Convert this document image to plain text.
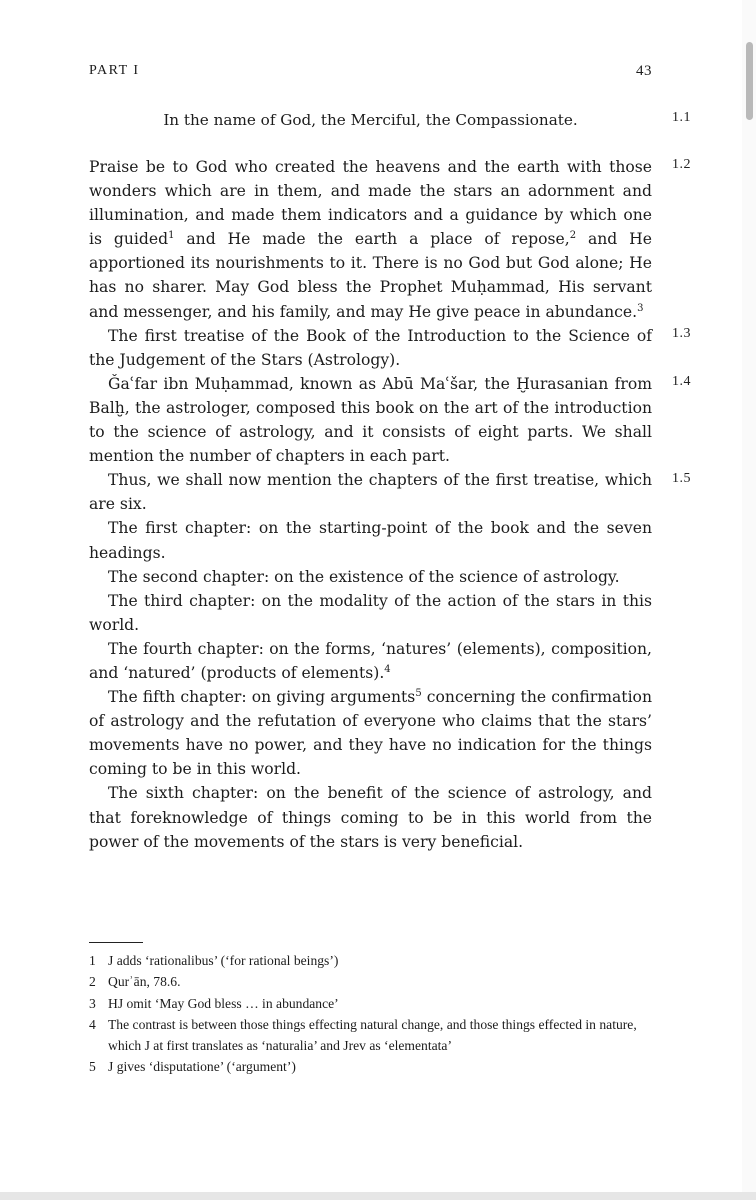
PART I	43
In the name of God, the Merciful, the Compassionate.	1.1
1.2
1.3
1.4
1.5

Praise be to God who created the heavens and the earth with those wonders which are in them, and made the stars an adornment and illumination, and made them indicators and a guidance by which one is guided$^1$ and He made the earth a place of repose,$^2$ and He apportioned its nourishments to it. There is no God but God alone; He has no sharer. May God bless the Prophet Muḥammad, His servant and messenger, and his family, and may He give peace in abundance.$^3$

The first treatise of the Book of the Introduction to the Science of the Judgement of the Stars (Astrology).

Ǧaʿfar ibn Muḥammad, known as Abū Maʿšar, the Ḫurasanian from Balḫ, the astrologer, composed this book on the art of the introduction to the science of astrology, and it consists of eight parts. We shall mention the number of chapters in each part.

Thus, we shall now mention the chapters of the first treatise, which are six.

The first chapter: on the starting-point of the book and the seven headings.

The second chapter: on the existence of the science of astrology.

The third chapter: on the modality of the action of the stars in this world.

The fourth chapter: on the forms, ‘natures’ (elements), composition, and ‘natured’ (products of elements).$^4$

The fifth chapter: on giving arguments$^5$ concerning the confirmation of astrology and the refutation of everyone who claims that the stars’ movements have no power, and they have no indication for the things coming to be in this world.

The sixth chapter: on the benefit of the science of astrology, and that foreknowledge of things coming to be in this world from the power of the movements of the stars is very beneficial.

1 J adds ‘rationalibus’ (‘for rational beings’)
2 Qurʾān, 78.6.
3 HJ omit ‘May God bless … in abundance’
4 The contrast is between those things effecting natural change, and those things effected in nature, which J at first translates as ‘naturalia’ and Jrev as ‘elementata’
5 J gives ‘disputatione’ (‘argument’)
